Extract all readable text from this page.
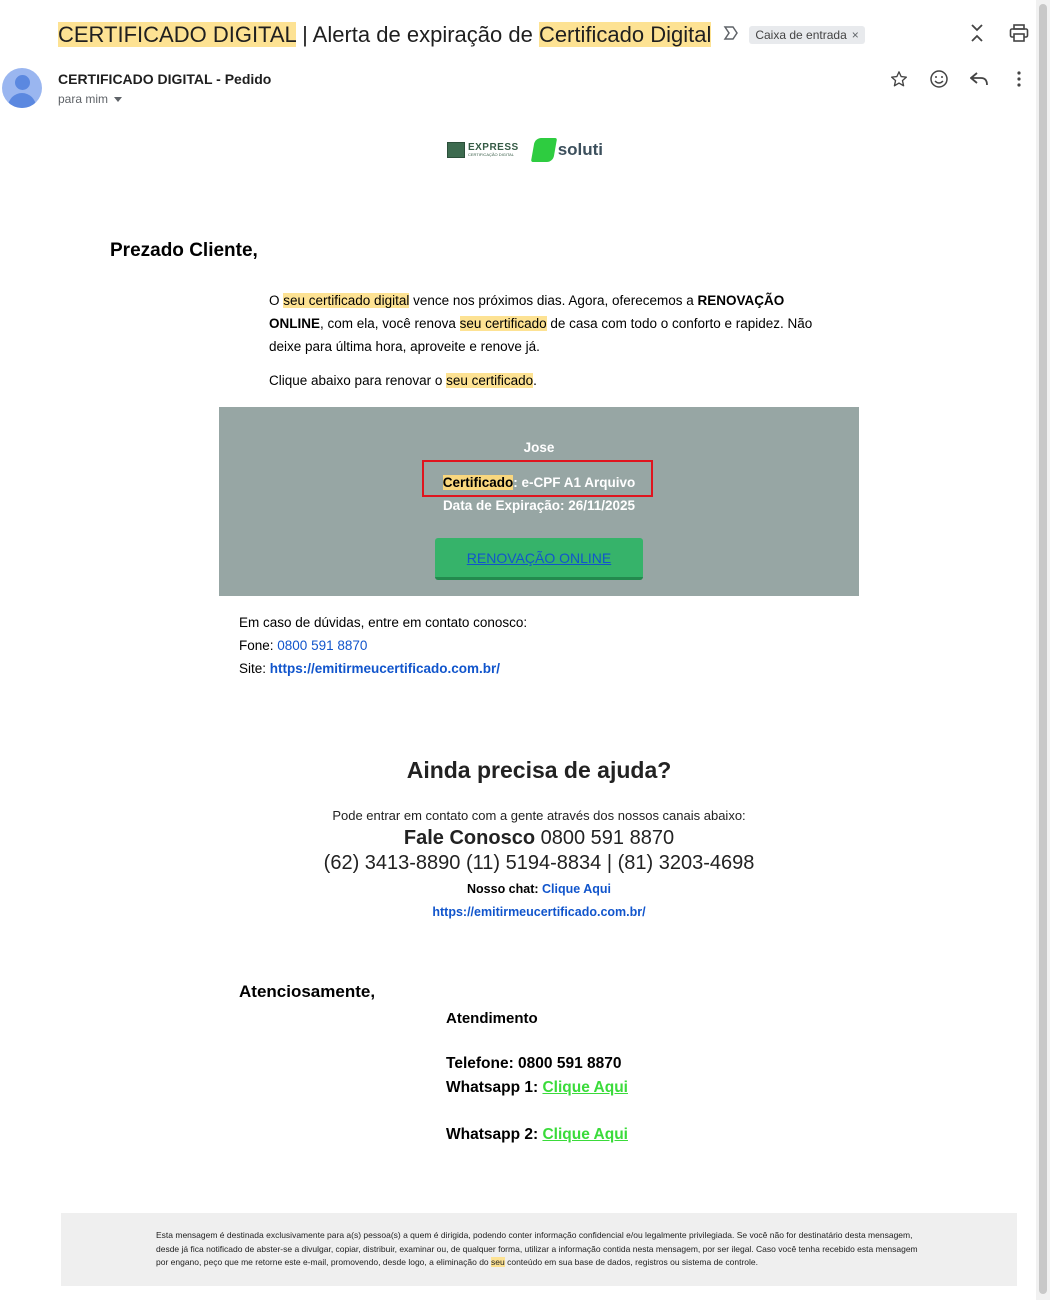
CERTIFICADO DIGITAL | Alerta de expiração de Certificado Digital	Caixa de entrada ×
CERTIFICADO DIGITAL - Pedido
para mim
EXPRESS
CERTIFICAÇÃO DIGITAL	soluti
Prezado Cliente,
O seu certificado digital vence nos próximos dias. Agora, oferecemos a RENOVAÇÃO ONLINE, com ela, você renova seu certificado de casa com todo o conforto e rapidez. Não deixe para última hora, aproveite e renove já.
Clique abaixo para renovar o seu certificado.
Jose
Certificado: e-CPF A1 Arquivo
Data de Expiração: 26/11/2025
RENOVAÇÃO ONLINE
Em caso de dúvidas, entre em contato conosco:
Fone: 0800 591 8870
Site: https://emitirmeucertificado.com.br/
Ainda precisa de ajuda?
Pode entrar em contato com a gente através dos nossos canais abaixo:
Fale Conosco 0800 591 8870
(62) 3413-8890 (11) 5194-8834 | (81) 3203-4698
Nosso chat: Clique Aqui
https://emitirmeucertificado.com.br/
Atenciosamente,
Atendimento
Telefone: 0800 591 8870
Whatsapp 1: Clique Aqui
Whatsapp 2: Clique Aqui
Esta mensagem é destinada exclusivamente para a(s) pessoa(s) a quem é dirigida, podendo conter informação confidencial e/ou legalmente privilegiada. Se você não for destinatário desta mensagem, desde já fica notificado de abster-se a divulgar, copiar, distribuir, examinar ou, de qualquer forma, utilizar a informação contida nesta mensagem, por ser ilegal. Caso você tenha recebido esta mensagem por engano, peço que me retorne este e-mail, promovendo, desde logo, a eliminação do seu conteúdo em sua base de dados, registros ou sistema de controle.
